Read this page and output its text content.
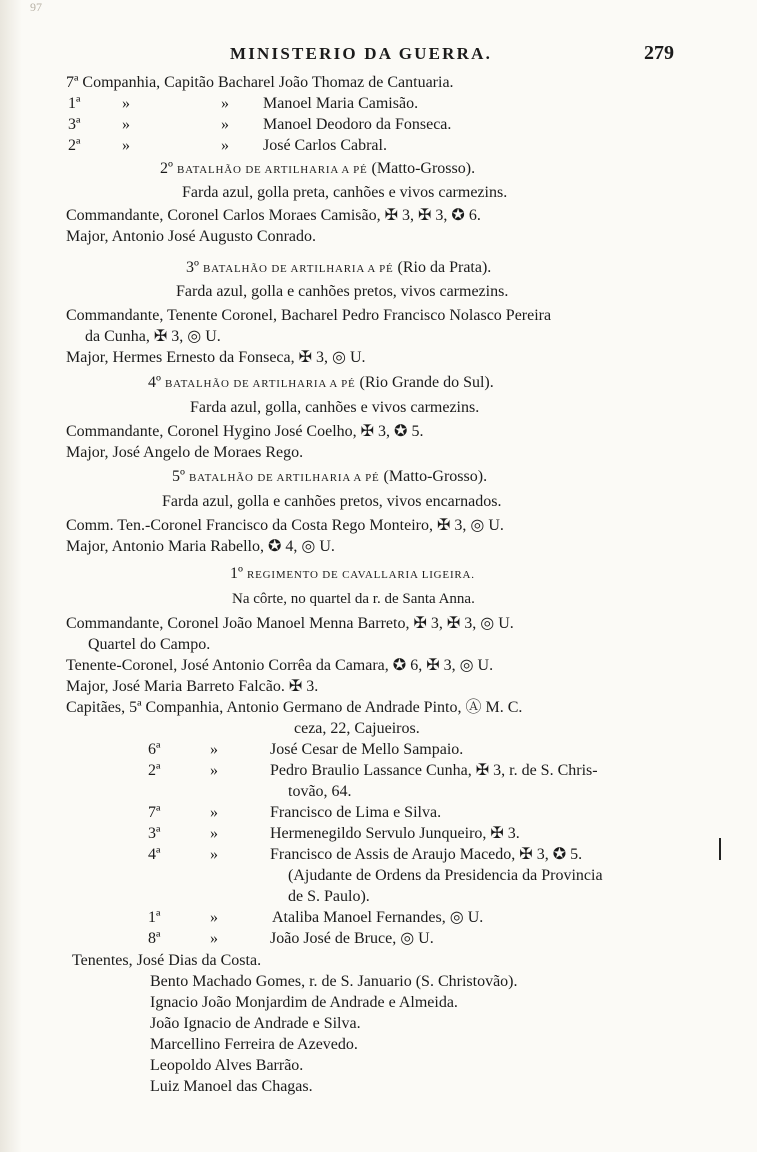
97
MINISTERIO DA GUERRA.	279
7ª Companhia, Capitão Bacharel João Thomaz de Cantuaria.
1ª	»	» Manoel Maria Camisão.
3ª	»	» Manoel Deodoro da Fonseca.
2ª	»	» José Carlos Cabral.
2º BATALHÃO DE ARTILHARIA A PÉ (Matto-Grosso).
Farda azul, golla preta, canhões e vivos carmezins.
Commandante, Coronel Carlos Moraes Camisão, ✠ 3, ✠ 3, ✪ 6.
Major, Antonio José Augusto Conrado.
3º BATALHÃO DE ARTILHARIA A PÉ (Rio da Prata).
Farda azul, golla e canhões pretos, vivos carmezins.
Commandante, Tenente Coronel, Bacharel Pedro Francisco Nolasco Pereira
da Cunha, ✠ 3, ◎ U.
Major, Hermes Ernesto da Fonseca, ✠ 3, ◎ U.
4º BATALHÃO DE ARTILHARIA A PÉ (Rio Grande do Sul).
Farda azul, golla, canhões e vivos carmezins.
Commandante, Coronel Hygino José Coelho, ✠ 3, ✪ 5.
Major, José Angelo de Moraes Rego.
5º BATALHÃO DE ARTILHARIA A PÉ (Matto-Grosso).
Farda azul, golla e canhões pretos, vivos encarnados.
Comm. Ten.-Coronel Francisco da Costa Rego Monteiro, ✠ 3, ◎ U.
Major, Antonio Maria Rabello, ✪ 4, ◎ U.
1º REGIMENTO DE CAVALLARIA LIGEIRA.
Na côrte, no quartel da r. de Santa Anna.
Commandante, Coronel João Manoel Menna Barreto, ✠ 3, ✠ 3, ◎ U.
Quartel do Campo.
Tenente-Coronel, José Antonio Corrêa da Camara, ✪ 6, ✠ 3, ◎ U.
Major, José Maria Barreto Falcão. ✠ 3.
Capitães, 5ª Companhia, Antonio Germano de Andrade Pinto, Ⓐ M. C.
ceza, 22, Cajueiros.
6ª	»	José Cesar de Mello Sampaio.
2ª	»	Pedro Braulio Lassance Cunha, ✠ 3, r. de S. Chris-
tovão, 64.
7ª	»	Francisco de Lima e Silva.
3ª	»	Hermenegildo Servulo Junqueiro, ✠ 3.
4ª	»	Francisco de Assis de Araujo Macedo, ✠ 3, ✪ 5.
(Ajudante de Ordens da Presidencia da Provincia
de S. Paulo).
1ª	»	Ataliba Manoel Fernandes, ◎ U.
8ª	»	João José de Bruce, ◎ U.
Tenentes, José Dias da Costa.
Bento Machado Gomes, r. de S. Januario (S. Christovão).
Ignacio João Monjardim de Andrade e Almeida.
João Ignacio de Andrade e Silva.
Marcellino Ferreira de Azevedo.
Leopoldo Alves Barrão.
Luiz Manoel das Chagas.
